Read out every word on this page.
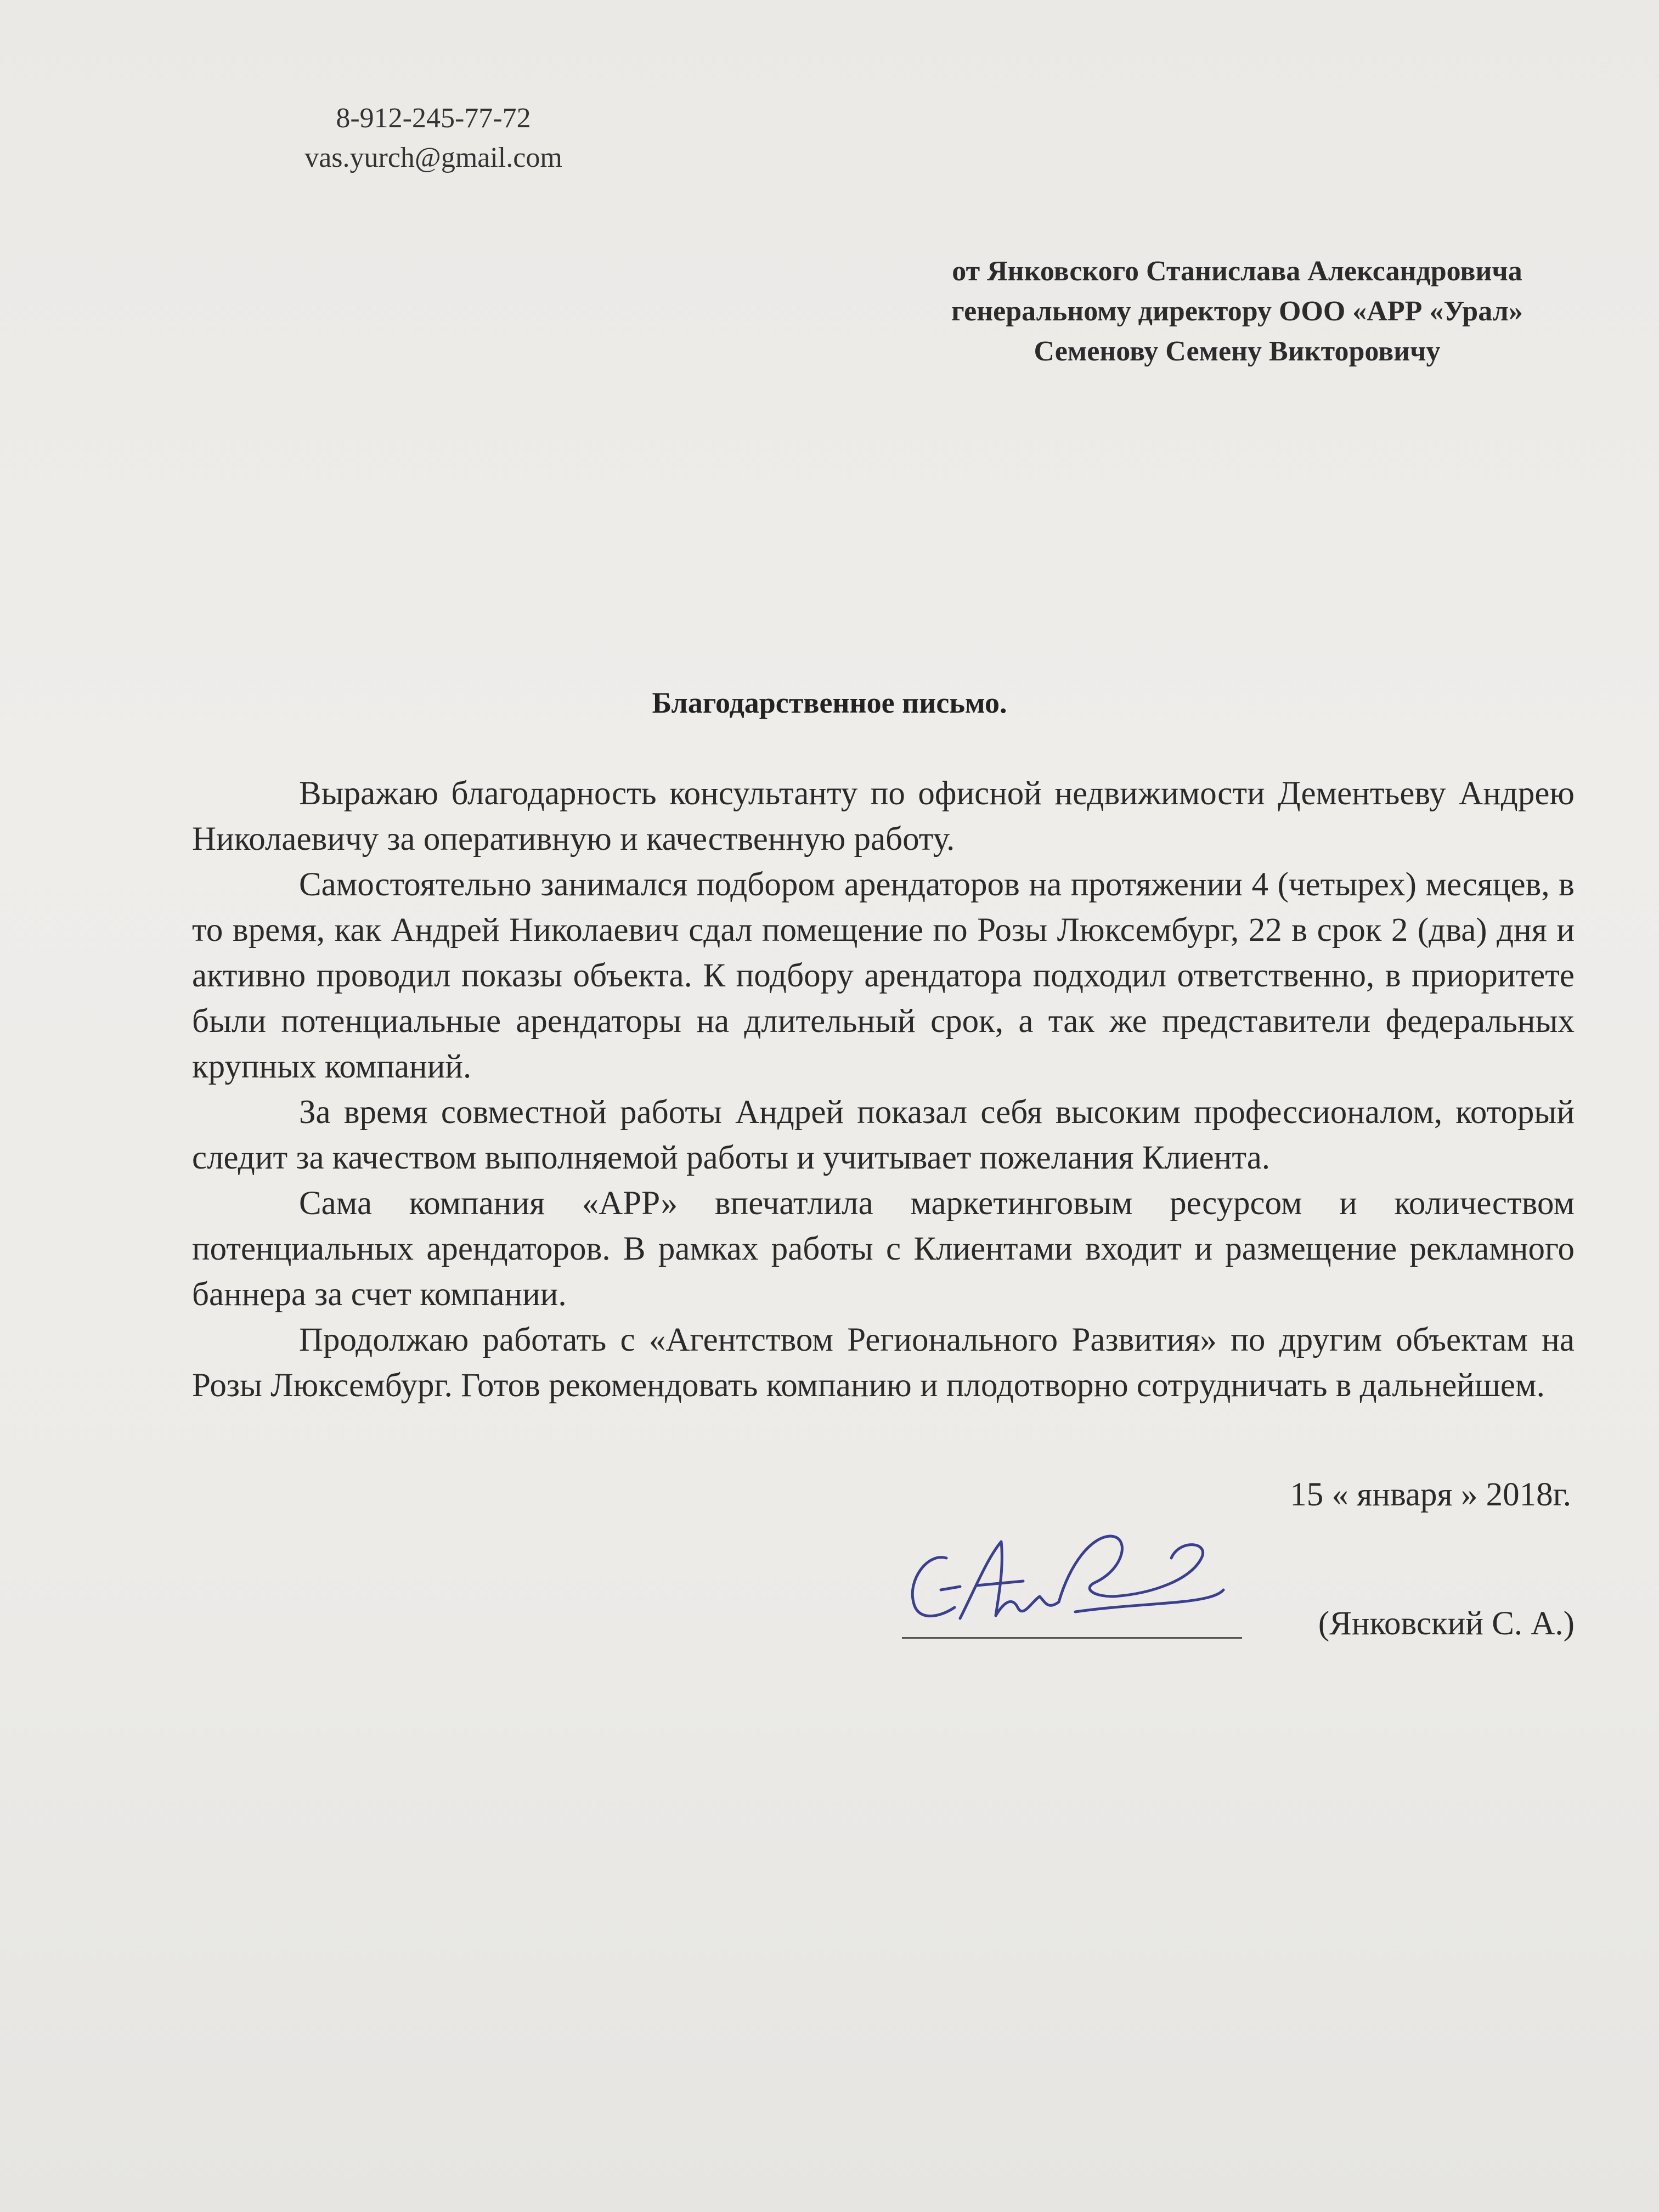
8-912-245-77-72
vas.yurch@gmail.com
от Янковского Станислава Александровича
генеральному директору ООО «АРР «Урал»
Семенову Семену Викторовичу
Благодарственное письмо.

Выражаю благодарность консультанту по офисной недвижимости Дементьеву Андрею Николаевичу за оперативную и качественную работу.

Самостоятельно занимался подбором арендаторов на протяжении 4 (четырех) месяцев, в то время, как Андрей Николаевич сдал помещение по Розы Люксембург, 22 в срок 2 (два) дня и активно проводил показы объекта. К подбору арендатора подходил ответственно, в приоритете были потенциальные арендаторы на длительный срок, а так же представители федеральных крупных компаний.

За время совместной работы Андрей показал себя высоким профессионалом, который следит за качеством выполняемой работы и учитывает пожелания Клиента.

Сама компания «АРР» впечатлила маркетинговым ресурсом и количеством потенциальных арендаторов. В рамках работы с Клиентами входит и размещение рекламного баннера за счет компании.

Продолжаю работать с «Агентством Регионального Развития» по другим объектам на Розы Люксембург. Готов рекомендовать компанию и плодотворно сотрудничать в дальнейшем.

15 « января » 2018г.
(Янковский С. А.)
